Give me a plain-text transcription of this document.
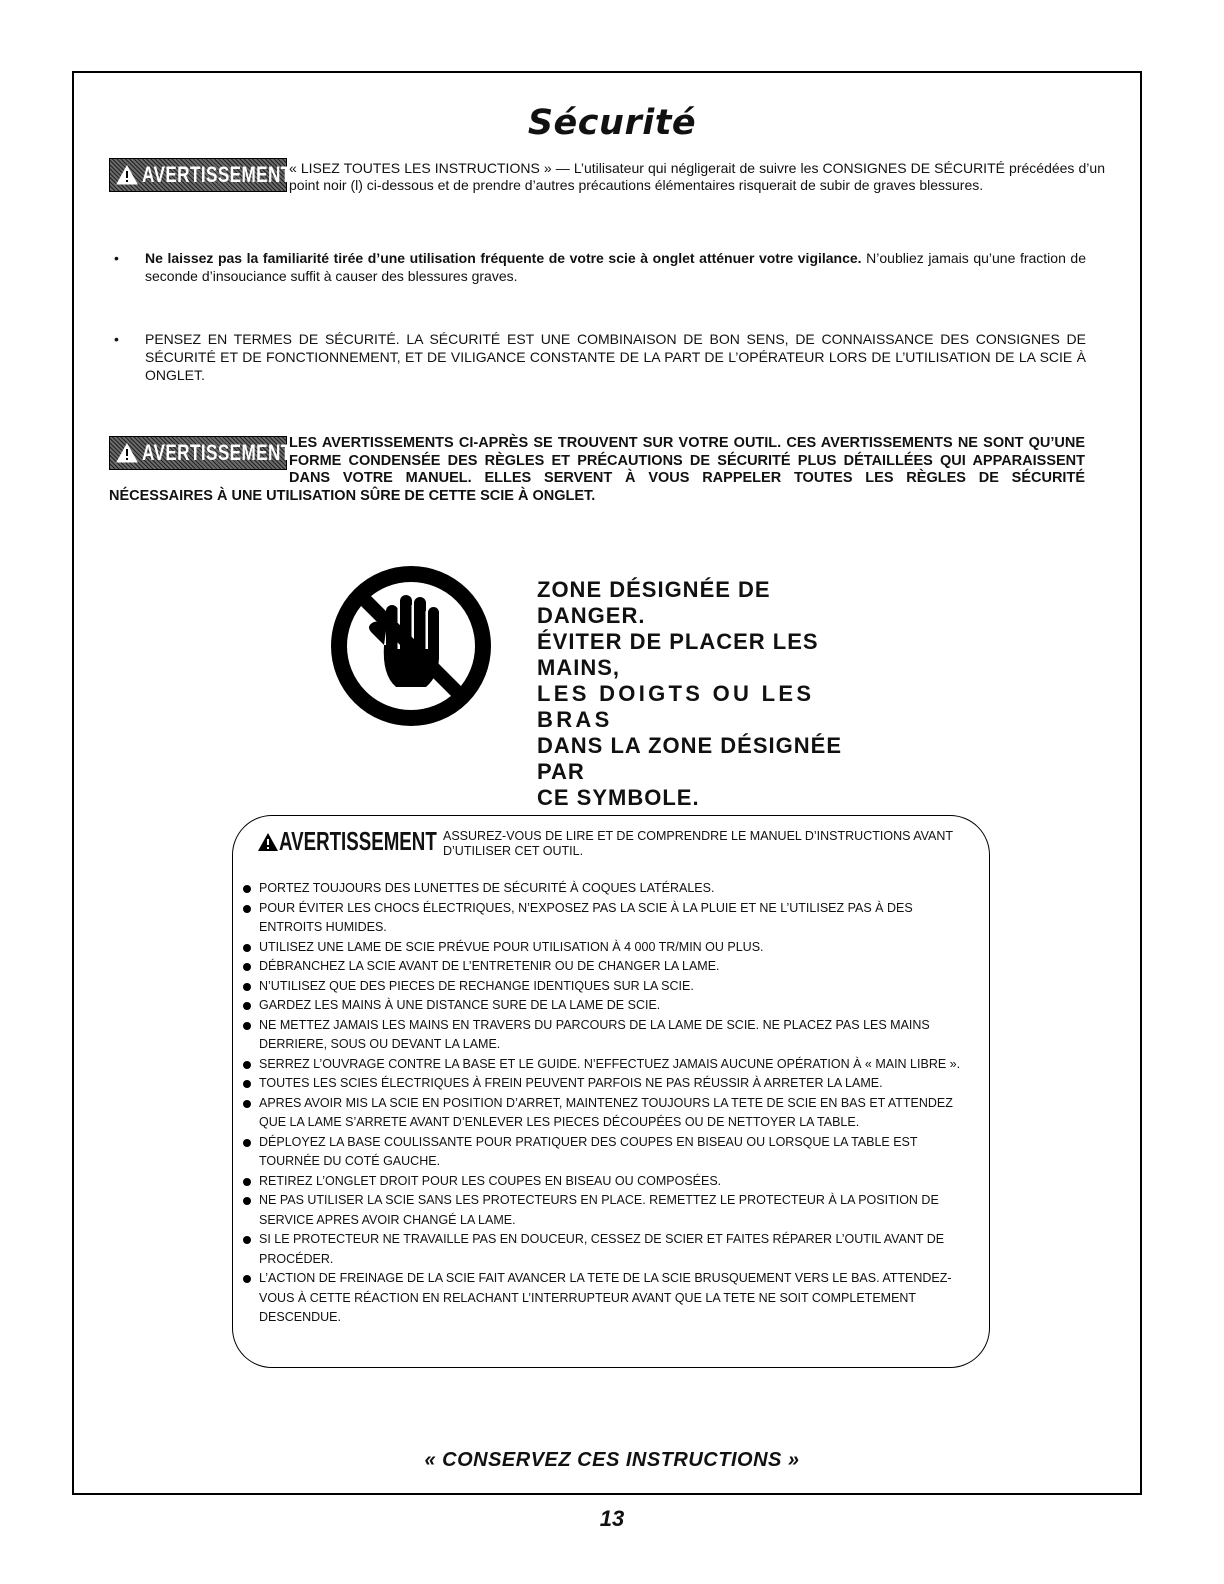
Sécurité
AVERTISSEMENT
« LISEZ TOUTES LES INSTRUCTIONS » — L’utilisateur qui négligerait de suivre les CONSIGNES DE SÉCURITÉ précédées d’un point noir (l) ci-dessous et de prendre d’autres précautions élémentaires risquerait de subir de graves blessures.
• Ne laissez pas la familiarité tirée d’une utilisation fréquente de votre scie à onglet atténuer votre vigilance. N’oubliez jamais qu’une fraction de seconde d’insouciance suffit à causer des blessures graves.
• PENSEZ EN TERMES DE SÉCURITÉ. LA SÉCURITÉ EST UNE COMBINAISON DE BON SENS, DE CONNAISSANCE DES CONSIGNES DE SÉCURITÉ ET DE FONCTIONNEMENT, ET DE VILIGANCE CONSTANTE DE LA PART DE L’OPÉRATEUR LORS DE L’UTILISATION DE LA SCIE À ONGLET.
AVERTISSEMENT
LES AVERTISSEMENTS CI-APRÈS SE TROUVENT SUR VOTRE OUTIL. CES AVERTISSEMENTS NE SONT QU’UNE FORME CONDENSÉE DES RÈGLES ET PRÉCAUTIONS DE SÉCURITÉ PLUS DÉTAILLÉES QUI APPARAISSENT DANS VOTRE MANUEL. ELLES SERVENT À VOUS RAPPELER TOUTES LES RÈGLES DE SÉCURITÉ NÉCESSAIRES À UNE UTILISATION SÛRE DE CETTE SCIE À ONGLET.
ZONE DÉSIGNÉE DE DANGER.
ÉVITER DE PLACER LES MAINS,
LES DOIGTS OU LES BRAS
DANS LA ZONE DÉSIGNÉE PAR
CE SYMBOLE.
AVERTISSEMENT ASSUREZ-VOUS DE LIRE ET DE COMPRENDRE LE MANUEL D’INSTRUCTIONS AVANT D’UTILISER CET OUTIL.
PORTEZ TOUJOURS DES LUNETTES DE SÉCURITÉ À COQUES LATÉRALES.
POUR ÉVITER LES CHOCS ÉLECTRIQUES, N’EXPOSEZ PAS LA SCIE À LA PLUIE ET NE L’UTILISEZ PAS À DES ENTROITS HUMIDES.
UTILISEZ UNE LAME DE SCIE PRÉVUE POUR UTILISATION À 4 000 TR/MIN OU PLUS.
DÉBRANCHEZ LA SCIE AVANT DE L’ENTRETENIR OU DE CHANGER LA LAME.
N’UTILISEZ QUE DES PIECES DE RECHANGE IDENTIQUES SUR LA SCIE.
GARDEZ LES MAINS À UNE DISTANCE SURE DE LA LAME DE SCIE.
NE METTEZ JAMAIS LES MAINS EN TRAVERS DU PARCOURS DE LA LAME DE SCIE. NE PLACEZ PAS LES MAINS DERRIERE, SOUS OU DEVANT LA LAME.
SERREZ L’OUVRAGE CONTRE LA BASE ET LE GUIDE. N’EFFECTUEZ JAMAIS AUCUNE OPÉRATION À « MAIN LIBRE ».
TOUTES LES SCIES ÉLECTRIQUES À FREIN PEUVENT PARFOIS NE PAS RÉUSSIR À ARRETER LA LAME.
APRES AVOIR MIS LA SCIE EN POSITION D’ARRET, MAINTENEZ TOUJOURS LA TETE DE SCIE EN BAS ET ATTENDEZ QUE LA LAME S’ARRETE AVANT D’ENLEVER LES PIECES DÉCOUPÉES OU DE NETTOYER LA TABLE.
DÉPLOYEZ LA BASE COULISSANTE POUR PRATIQUER DES COUPES EN BISEAU OU LORSQUE LA TABLE EST TOURNÉE DU COTÉ GAUCHE.
RETIREZ L’ONGLET DROIT POUR LES COUPES EN BISEAU OU COMPOSÉES.
NE PAS UTILISER LA SCIE SANS LES PROTECTEURS EN PLACE. REMETTEZ LE PROTECTEUR À LA POSITION DE SERVICE APRES AVOIR CHANGÉ LA LAME.
SI LE PROTECTEUR NE TRAVAILLE PAS EN DOUCEUR, CESSEZ DE SCIER ET FAITES RÉPARER L’OUTIL AVANT DE PROCÉDER.
L’ACTION DE FREINAGE DE LA SCIE FAIT AVANCER LA TETE DE LA SCIE BRUSQUEMENT VERS LE BAS. ATTENDEZ-VOUS À CETTE RÉACTION EN RELACHANT L’INTERRUPTEUR AVANT QUE LA TETE NE SOIT COMPLETEMENT DESCENDUE.
« CONSERVEZ CES INSTRUCTIONS »
13
